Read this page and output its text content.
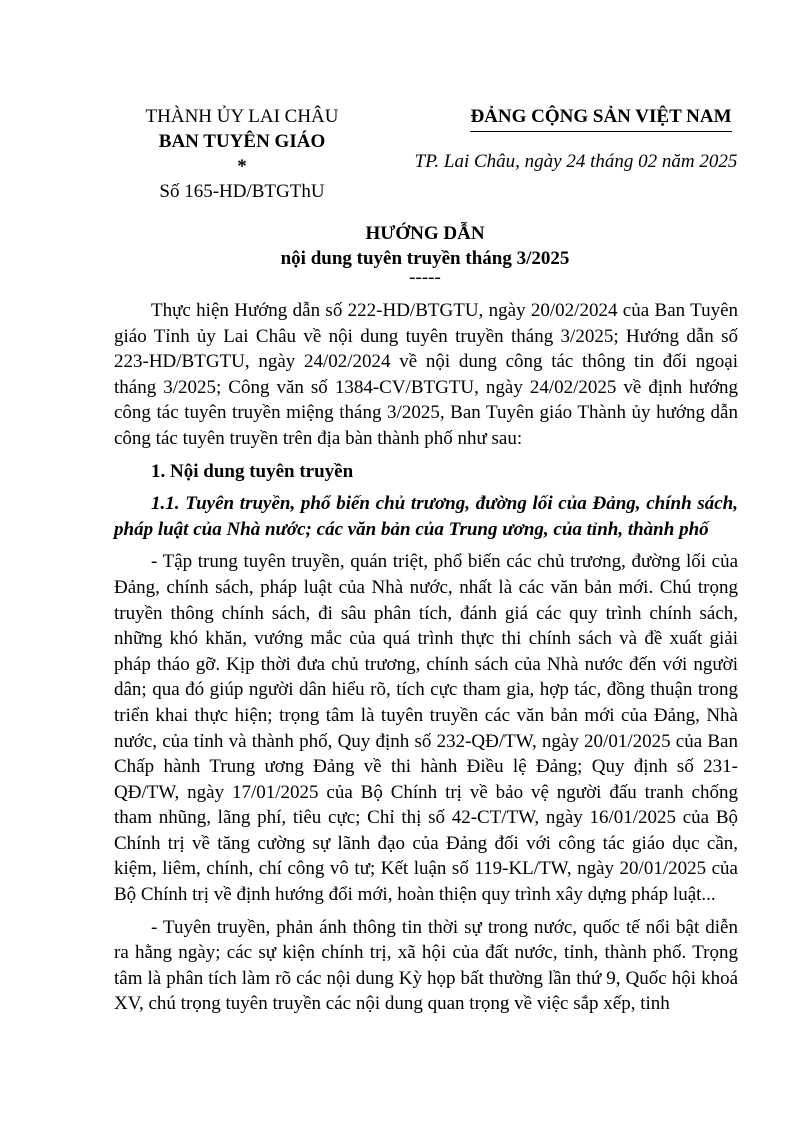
THÀNH ỦY LAI CHÂU
BAN TUYÊN GIÁO
*
Số 165-HD/BTGThU
ĐẢNG CỘNG SẢN VIỆT NAM
TP. Lai Châu, ngày 24 tháng 02 năm 2025
HƯỚNG DẪN
nội dung tuyên truyền tháng 3/2025
-----

Thực hiện Hướng dẫn số 222-HD/BTGTU, ngày 20/02/2024 của Ban Tuyên giáo Tỉnh ủy Lai Châu về nội dung tuyên truyền tháng 3/2025; Hướng dẫn số 223-HD/BTGTU, ngày 24/02/2024 về nội dung công tác thông tin đối ngoại tháng 3/2025; Công văn số 1384-CV/BTGTU, ngày 24/02/2025 về định hướng công tác tuyên truyền miệng tháng 3/2025, Ban Tuyên giáo Thành ủy hướng dẫn công tác tuyên truyền trên địa bàn thành phố như sau:

1. Nội dung tuyên truyền

1.1. Tuyên truyền, phổ biến chủ trương, đường lối của Đảng, chính sách, pháp luật của Nhà nước; các văn bản của Trung ương, của tỉnh, thành phố

- Tập trung tuyên truyền, quán triệt, phổ biến các chủ trương, đường lối của Đảng, chính sách, pháp luật của Nhà nước, nhất là các văn bản mới. Chú trọng truyền thông chính sách, đi sâu phân tích, đánh giá các quy trình chính sách, những khó khăn, vướng mắc của quá trình thực thi chính sách và đề xuất giải pháp tháo gỡ. Kịp thời đưa chủ trương, chính sách của Nhà nước đến với người dân; qua đó giúp người dân hiểu rõ, tích cực tham gia, hợp tác, đồng thuận trong triển khai thực hiện; trọng tâm là tuyên truyền các văn bản mới của Đảng, Nhà nước, của tỉnh và thành phố, Quy định số 232-QĐ/TW, ngày 20/01/2025 của Ban Chấp hành Trung ương Đảng về thi hành Điều lệ Đảng; Quy định số 231-QĐ/TW, ngày 17/01/2025 của Bộ Chính trị về bảo vệ người đấu tranh chống tham nhũng, lãng phí, tiêu cực; Chỉ thị số 42-CT/TW, ngày 16/01/2025 của Bộ Chính trị về tăng cường sự lãnh đạo của Đảng đối với công tác giáo dục cần, kiệm, liêm, chính, chí công vô tư; Kết luận số 119-KL/TW, ngày 20/01/2025 của Bộ Chính trị về định hướng đổi mới, hoàn thiện quy trình xây dựng pháp luật...

- Tuyên truyền, phản ánh thông tin thời sự trong nước, quốc tế nổi bật diễn ra hằng ngày; các sự kiện chính trị, xã hội của đất nước, tỉnh, thành phố. Trọng tâm là phân tích làm rõ các nội dung Kỳ họp bất thường lần thứ 9, Quốc hội khoá XV, chú trọng tuyên truyền các nội dung quan trọng về việc sắp xếp, tinh
